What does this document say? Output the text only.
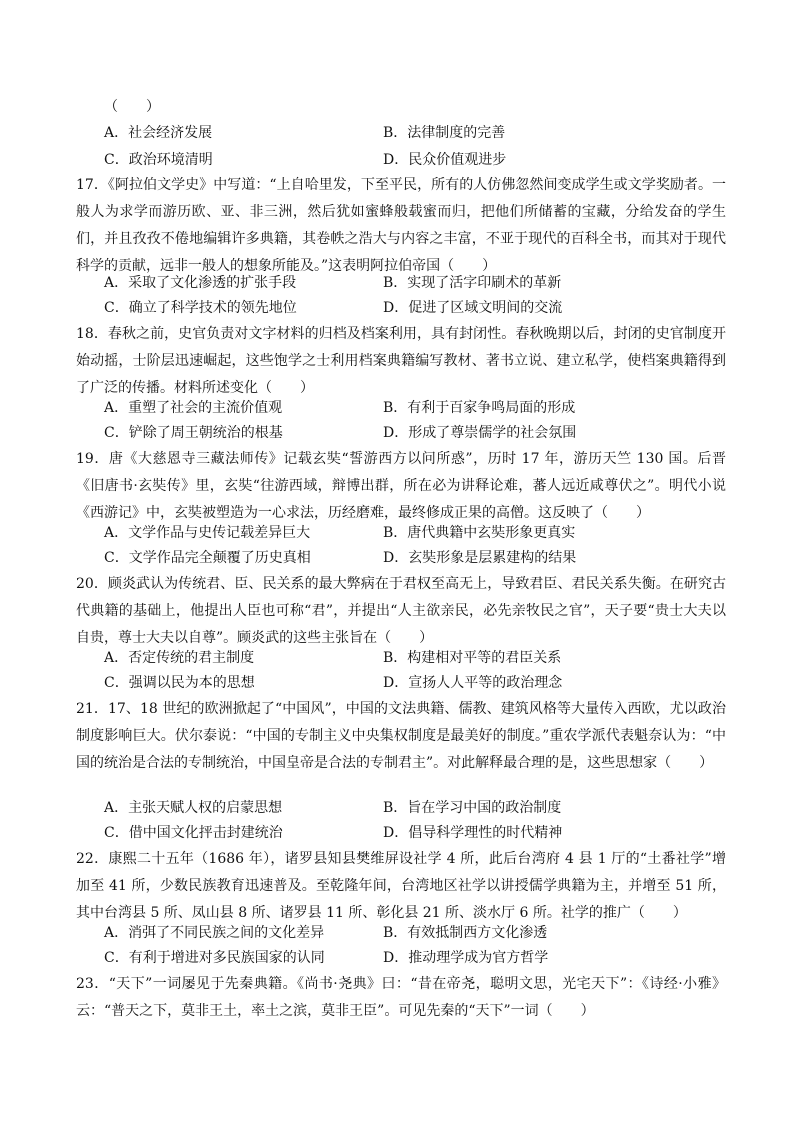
（　　）
A．社会经济发展	B．法律制度的完善
C．政治环境清明	D．民众价值观进步
17．《阿拉伯文学史》中写道：“上自哈里发，下至平民，所有的人仿佛忽然间变成学生或文学奖励者。一般人为求学而游历欧、亚、非三洲，然后犹如蜜蜂般载蜜而归，把他们所储蓄的宝藏，分给发奋的学生们，并且孜孜不倦地编辑许多典籍，其卷帙之浩大与内容之丰富，不亚于现代的百科全书，而其对于现代科学的贡献，远非一般人的想象所能及。”这表明阿拉伯帝国（　　）
A．采取了文化渗透的扩张手段	B．实现了活字印刷术的革新
C．确立了科学技术的领先地位	D．促进了区域文明间的交流
18．春秋之前，史官负责对文字材料的归档及档案利用，具有封闭性。春秋晚期以后，封闭的史官制度开始动摇，士阶层迅速崛起，这些饱学之士利用档案典籍编写教材、著书立说、建立私学，使档案典籍得到了广泛的传播。材料所述变化（　　）
A．重塑了社会的主流价值观	B．有利于百家争鸣局面的形成
C．铲除了周王朝统治的根基	D．形成了尊崇儒学的社会氛围
19．唐《大慈恩寺三藏法师传》记载玄奘“誓游西方以问所惑”，历时 17 年，游历天竺 130 国。后晋《旧唐书·玄奘传》里，玄奘“往游西域，辩博出群，所在必为讲释论难，蕃人远近咸尊伏之”。明代小说《西游记》中，玄奘被塑造为一心求法，历经磨难，最终修成正果的高僧。这反映了（　　）
A．文学作品与史传记载差异巨大	B．唐代典籍中玄奘形象更真实
C．文学作品完全颠覆了历史真相	D．玄奘形象是层累建构的结果
20．顾炎武认为传统君、臣、民关系的最大弊病在于君权至高无上，导致君臣、君民关系失衡。在研究古代典籍的基础上，他提出人臣也可称“君”，并提出“人主欲亲民，必先亲牧民之官”，天子要“贵士大夫以自贵，尊士大夫以自尊”。顾炎武的这些主张旨在（　　）
A．否定传统的君主制度	B．构建相对平等的君臣关系
C．强调以民为本的思想	D．宣扬人人平等的政治理念
21．17、18 世纪的欧洲掀起了“中国风”，中国的文法典籍、儒教、建筑风格等大量传入西欧，尤以政治制度影响巨大。伏尔泰说：“中国的专制主义中央集权制度是最美好的制度。”重农学派代表魁奈认为：“中国的统治是合法的专制统治，中国皇帝是合法的专制君主”。对此解释最合理的是，这些思想家（　　）
A．主张天赋人权的启蒙思想	B．旨在学习中国的政治制度
C．借中国文化抨击封建统治	D．倡导科学理性的时代精神
22．康熙二十五年（1686 年），诸罗县知县樊维屏设社学 4 所，此后台湾府 4 县 1 厅的“土番社学”增加至 41 所，少数民族教育迅速普及。至乾隆年间，台湾地区社学以讲授儒学典籍为主，并增至 51 所，其中台湾县 5 所、凤山县 8 所、诸罗县 11 所、彰化县 21 所、淡水厅 6 所。社学的推广（　　）
A．消弭了不同民族之间的文化差异	B．有效抵制西方文化渗透
C．有利于增进对多民族国家的认同	D．推动理学成为官方哲学
23．“天下”一词屡见于先秦典籍。《尚书·尧典》曰：“昔在帝尧，聪明文思，光宅天下”：《诗经·小雅》云：“普天之下，莫非王土，率土之滨，莫非王臣”。可见先秦的“天下”一词（　　）
